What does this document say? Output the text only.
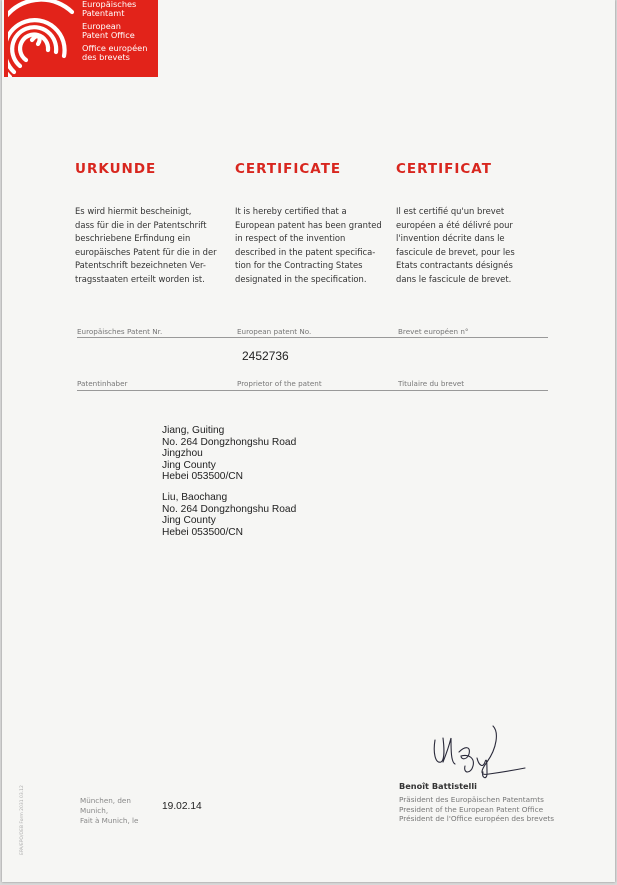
Europäisches
Patentamt
European
Patent Office
Office européen
des brevets
URKUNDE	CERTIFICATE	CERTIFICAT
Es wird hiermit bescheinigt,
dass für die in der Patentschrift
beschriebene Erfindung ein
europäisches Patent für die in der
Patentschrift bezeichneten Ver-
tragsstaaten erteilt worden ist.
It is hereby certified that a
European patent has been granted
in respect of the invention
described in the patent specifica-
tion for the Contracting States
designated in the specification.
Il est certifié qu'un brevet
européen a été délivré pour
l'invention décrite dans le
fascicule de brevet, pour les
Etats contractants désignés
dans le fascicule de brevet.
Europäisches Patent Nr.	European patent No.	Brevet européen n°
2452736
Patentinhaber	Proprietor of the patent	Titulaire du brevet
Jiang, Guiting
No. 264 Dongzhongshu Road
Jingzhou
Jing County
Hebei 053500/CN
Liu, Baochang
No. 264 Dongzhongshu Road
Jing County
Hebei 053500/CN
München, den
Munich,
Fait à Munich, le
19.02.14
Benoît Battistelli
Präsident des Europäischen Patentamts
President of the European Patent Office
Président de l'Office européen des brevets
EPA/EPO/OEB Form 2031 03.12
